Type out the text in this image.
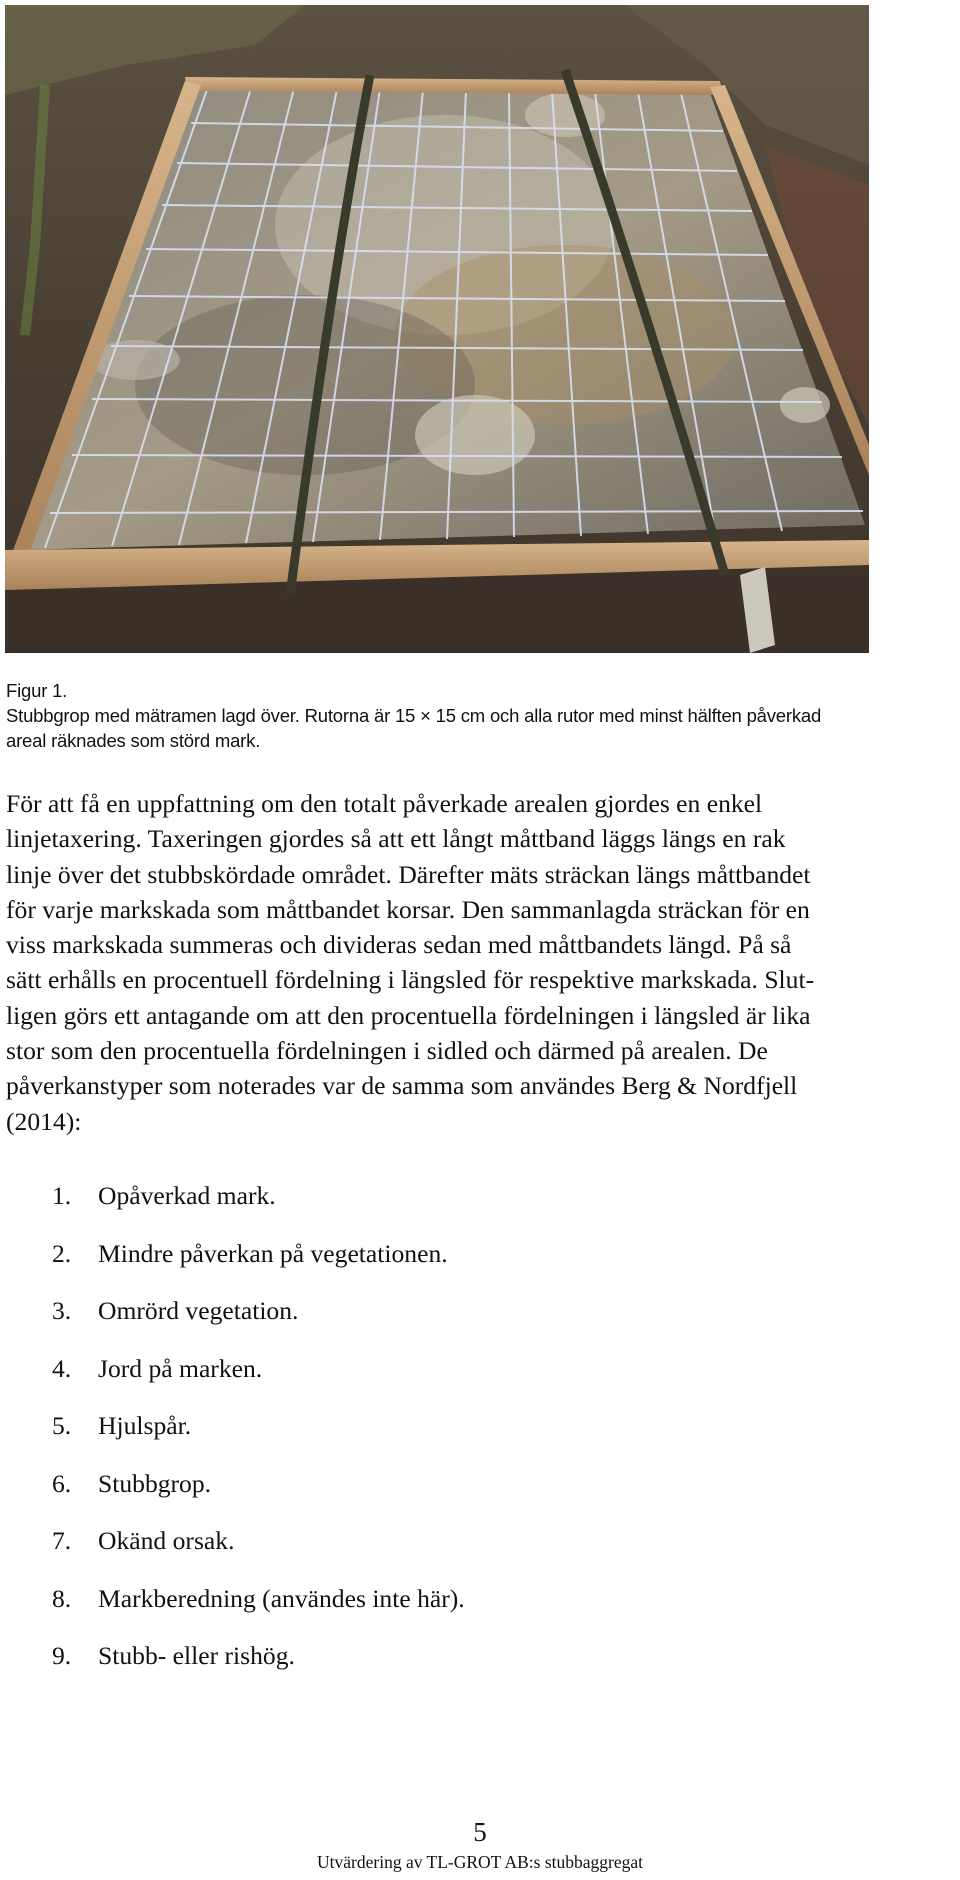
Figur 1.
Stubbgrop med mätramen lagd över. Rutorna är 15 × 15 cm och alla rutor med minst hälften påverkad
areal räknades som störd mark.
För att få en uppfattning om den totalt påverkade arealen gjordes en enkel
linjetaxering. Taxeringen gjordes så att ett långt måttband läggs längs en rak
linje över det stubbskördade området. Därefter mäts sträckan längs måttbandet
för varje markskada som måttbandet korsar. Den sammanlagda sträckan för en
viss markskada summeras och divideras sedan med måttbandets längd. På så
sätt erhålls en procentuell fördelning i längsled för respektive markskada. Slut-
ligen görs ett antagande om att den procentuella fördelningen i längsled är lika
stor som den procentuella fördelningen i sidled och därmed på arealen. De
påverkanstyper som noterades var de samma som användes Berg & Nordfjell
(2014):
1.	Opåverkad mark.
2.	Mindre påverkan på vegetationen.
3.	Omrörd vegetation.
4.	Jord på marken.
5.	Hjulspår.
6.	Stubbgrop.
7.	Okänd orsak.
8.	Markberedning (användes inte här).
9.	Stubb- eller rishög.
5
Utvärdering av TL-GROT AB:s stubbaggregat
